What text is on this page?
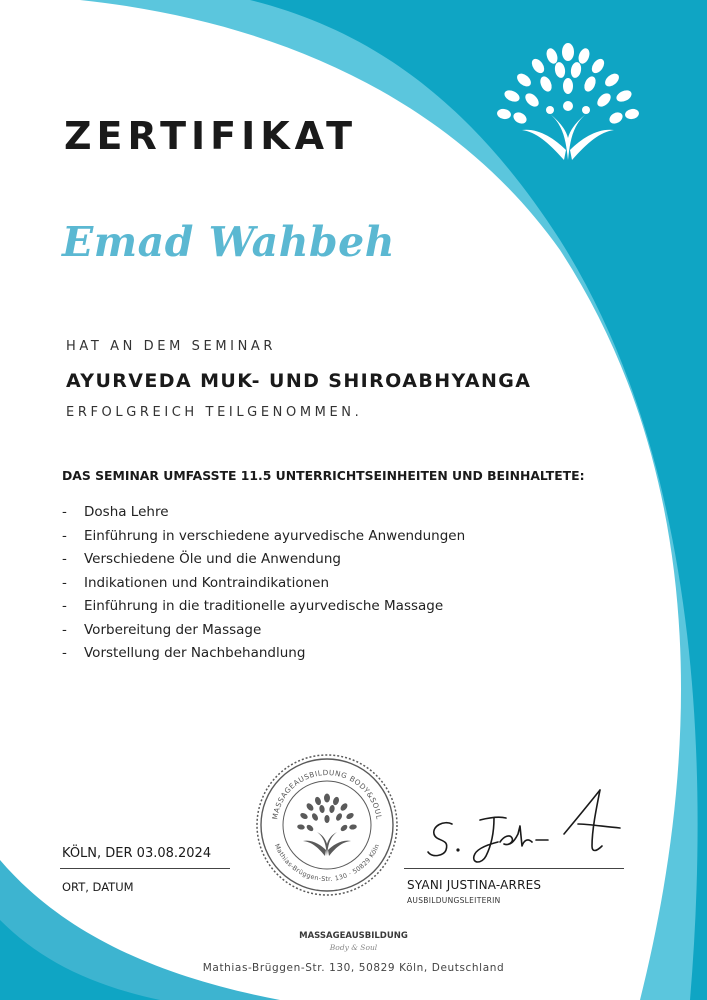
ZERTIFIKAT
Emad Wahbeh
HAT AN DEM SEMINAR
AYURVEDA MUK- UND SHIROABHYANGA
ERFOLGREICH TEILGENOMMEN.
DAS SEMINAR UMFASSTE 11.5 UNTERRICHTSEINHEITEN UND BEINHALTETE:
- Dosha Lehre
- Einführung in verschiedene ayurvedische Anwendungen
- Verschiedene Öle und die Anwendung
- Indikationen und Kontraindikationen
- Einführung in die traditionelle ayurvedische Massage
- Vorbereitung der Massage
- Vorstellung der Nachbehandlung
KÖLN, DER 03.08.2024
ORT, DATUM
MASSAGEAUSBILDUNG BODY&SOUL
Mathias-Brüggen-Str. 130 · 50829 Köln
SYANI JUSTINA-ARRES
AUSBILDUNGSLEITERIN
MASSAGEAUSBILDUNG
Body & Soul
Mathias-Brüggen-Str. 130, 50829 Köln, Deutschland
